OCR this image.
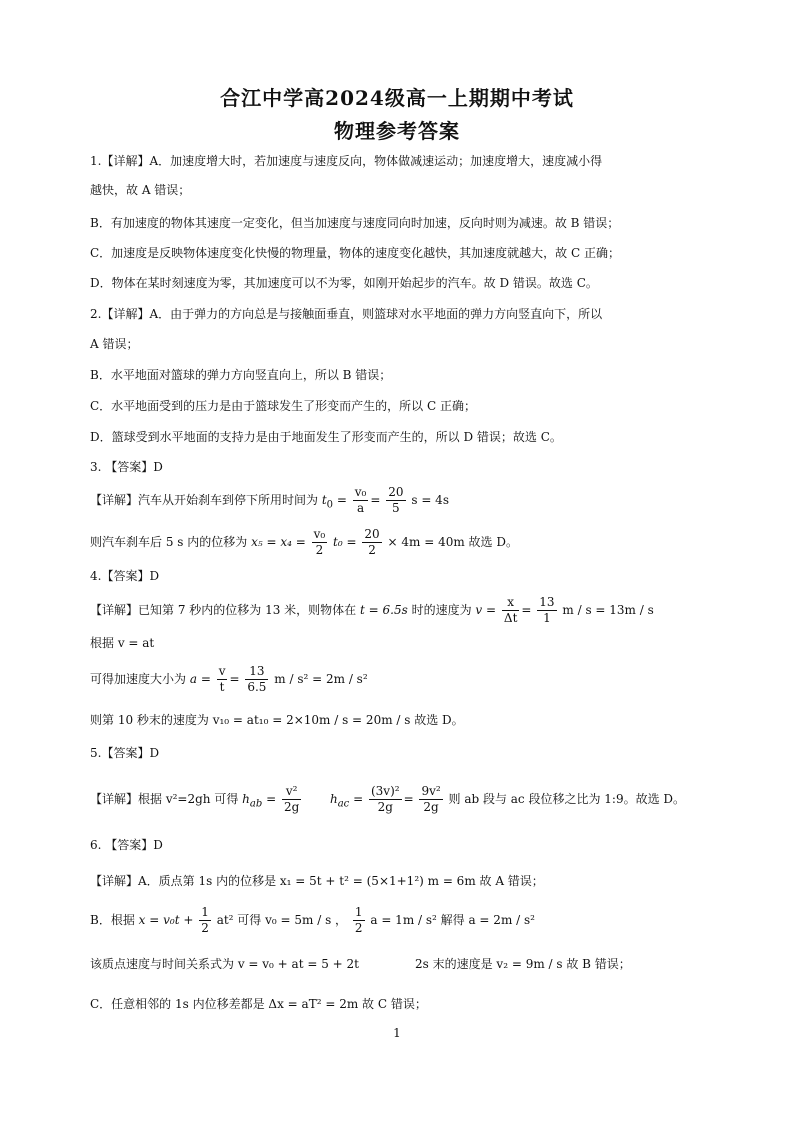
合江中学高2024级高一上期期中考试
物理参考答案
1.【详解】A．加速度增大时，若加速度与速度反向，物体做减速运动；加速度增大，速度减小得
越快，故 A 错误；
B．有加速度的物体其速度一定变化，但当加速度与速度同向时加速，反向时则为减速。故 B 错误；
C．加速度是反映物体速度变化快慢的物理量，物体的速度变化越快，其加速度就越大，故 C 正确；
D．物体在某时刻速度为零，其加速度可以不为零，如刚开始起步的汽车。故 D 错误。故选 C。
2.【详解】A．由于弹力的方向总是与接触面垂直，则篮球对水平地面的弹力方向竖直向下，所以
A 错误；
B．水平地面对篮球的弹力方向竖直向上，所以 B 错误；
C．水平地面受到的压力是由于篮球发生了形变而产生的，所以 C 正确；
D．篮球受到水平地面的支持力是由于地面发生了形变而产生的，所以 D 错误；故选 C。
3. 【答案】D
【详解】汽车从开始刹车到停下所用时间为 $t_0 = \frac{\text{v₀}}{a} = \frac{20}{5}$ s = 4s
则汽车刹车后 5 s 内的位移为 $x_5 = x_4 = \frac{\text{v₀}}{2} t_0 = \frac{20}{2} \times 4m = 40m$ 故选 D。
4.【答案】D
【详解】已知第 7 秒内的位移为 13 米，则物体在 t = 6.5s 时的速度为 $v = \frac{x}{\Delta t} = \frac{13}{1}$ m / s = 13m / s
根据 v = at
可得加速度大小为 $a = \frac{v}{t} = \frac{13}{6.5}$ m / s² = 2m / s²
则第 10 秒末的速度为 v₁₀ = at₁₀ = 2×10m / s = 20m / s 故选 D。
5.【答案】D
【详解】根据 v²=2gh 可得 $h_{ab} = \frac{\text{v²}}{2g} h_{ac} = \frac{\text{(3v)²}}{2g} = \frac{\text{9v²}}{2g}$ 则 ab 段与 ac 段位移之比为 1:9。故选 D。
6. 【答案】D
【详解】A．质点第 1s 内的位移是 x₁ = 5t + t² = (5×1+1²) m = 6m 故 A 错误；
B．根据 $x = v_0t + \frac{1}{2} at^2$ 可得 v₀ = 5m / s ， $\frac{1}{2}$ a = 1m / s² 解得 a = 2m / s²
该质点速度与时间关系式为 v = v₀ + at = 5 + 2t	2s 末的速度是 v₂ = 9m / s 故 B 错误；
C．任意相邻的 1s 内位移差都是 Δx = aT² = 2m 故 C 错误；
1
